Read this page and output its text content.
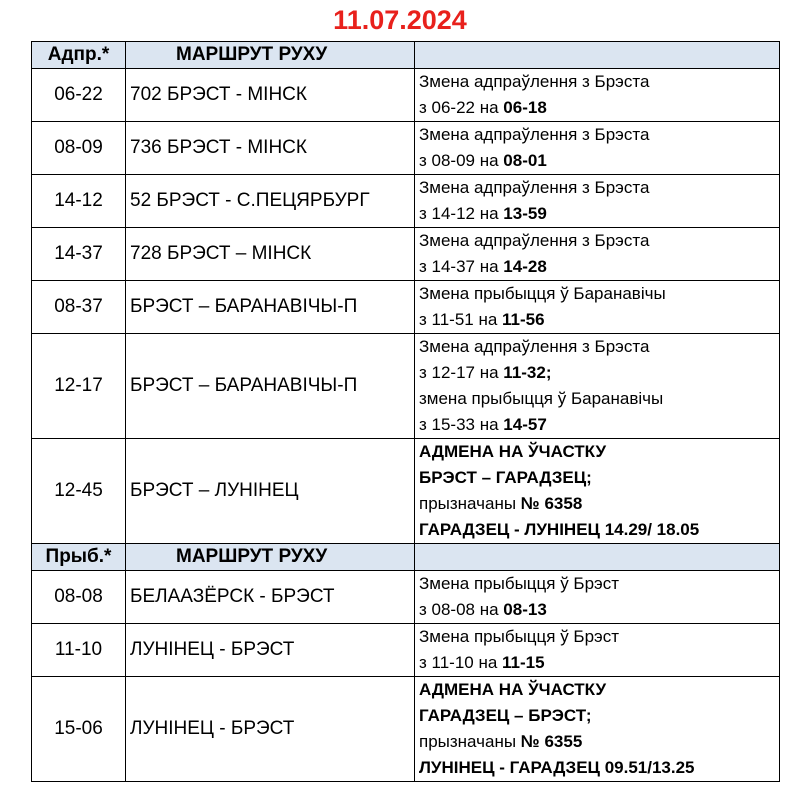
11.07.2024
Адпр.*	МАРШРУТ РУХУ	
06-22	702 БРЭСТ - МІНСК	Змена адпраўлення з Брэста
з 06-22 на 06-18

08-09	736 БРЭСТ - МІНСК	Змена адпраўлення з Брэста
з 08-09 на 08-01

14-12	52 БРЭСТ - С.ПЕЦЯРБУРГ	Змена адпраўлення з Брэста
з 14-12 на 13-59

14-37	728 БРЭСТ – МІНСК	Змена адпраўлення з Брэста
з 14-37 на 14-28

08-37	БРЭСТ – БАРАНАВІЧЫ-П	Змена прыбыцця ў Баранавічы
з 11-51 на 11-56

12-17	БРЭСТ – БАРАНАВІЧЫ-П	Змена адпраўлення з Брэста
з 12-17 на 11-32;
змена прыбыцця ў Баранавічы
з 15-33 на 14-57

12-45	БРЭСТ – ЛУНІНЕЦ	АДМЕНА НА ЎЧАСТКУ
БРЭСТ – ГАРАДЗЕЦ;
прызначаны № 6358
ГАРАДЗЕЦ - ЛУНІНЕЦ 14.29/ 18.05

Прыб.*	МАРШРУТ РУХУ	
08-08	БЕЛААЗЁРСК - БРЭСТ	Змена прыбыцця ў Брэст
з 08-08 на 08-13

11-10	ЛУНІНЕЦ - БРЭСТ	Змена прыбыцця ў Брэст
з 11-10 на 11-15

15-06	ЛУНІНЕЦ - БРЭСТ	АДМЕНА НА ЎЧАСТКУ
ГАРАДЗЕЦ – БРЭСТ;
прызначаны № 6355
ЛУНІНЕЦ - ГАРАДЗЕЦ 09.51/13.25
